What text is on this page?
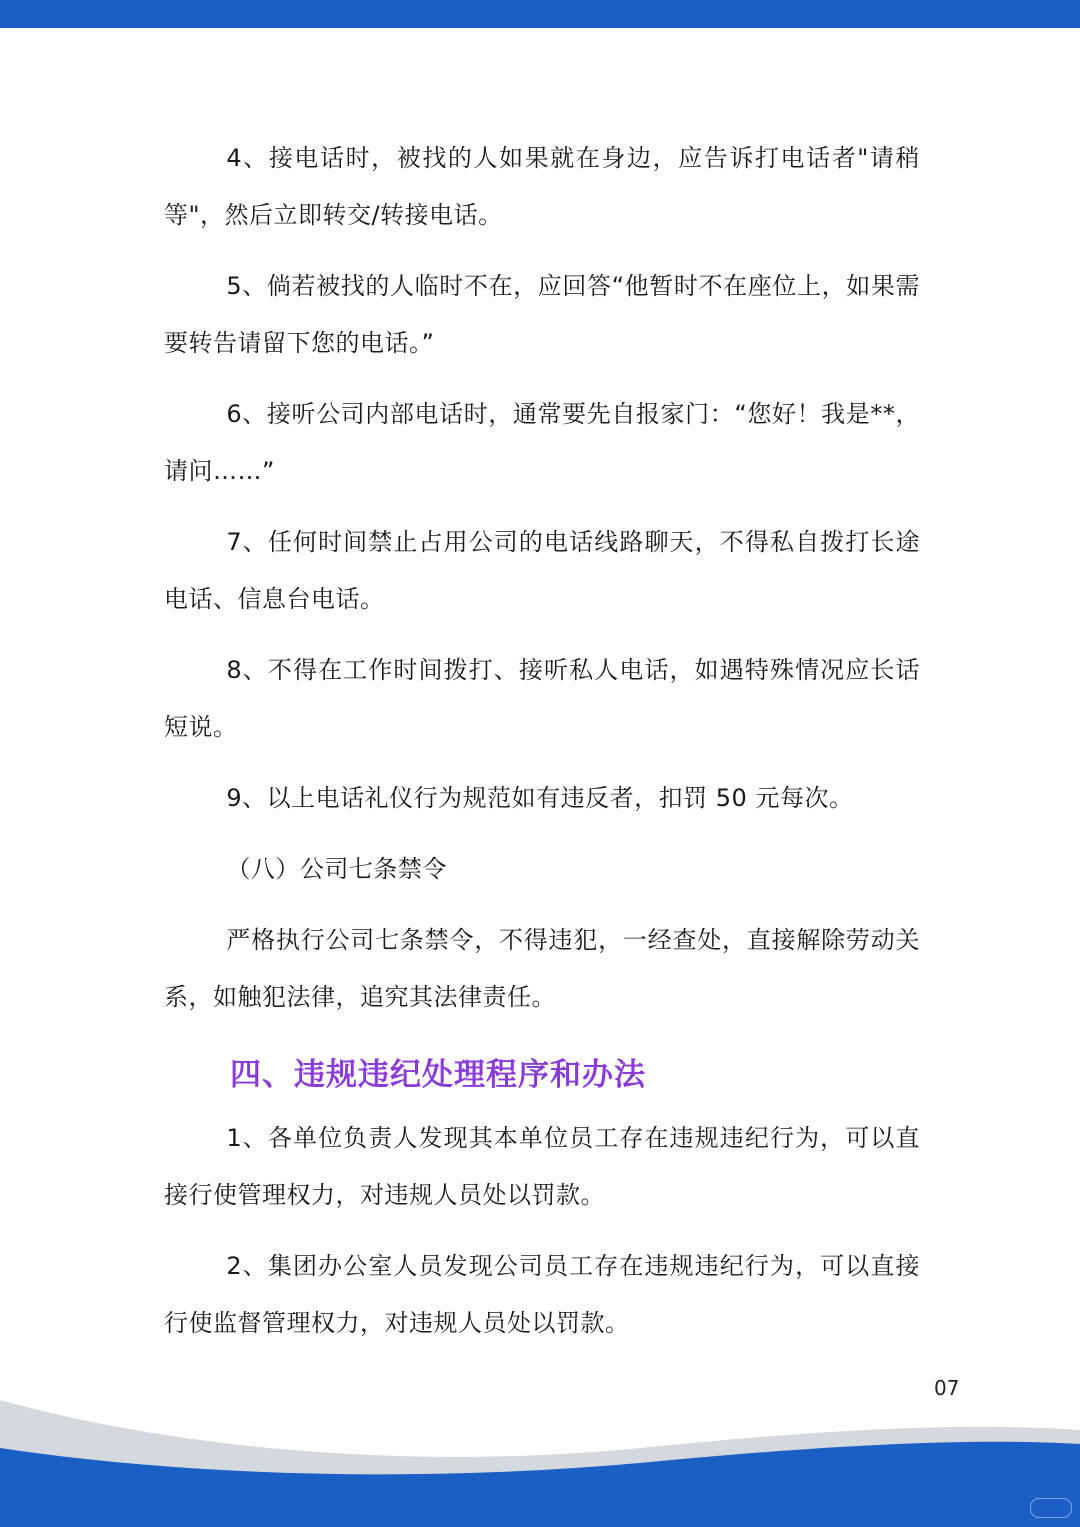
4、接电话时，被找的人如果就在身边，应告诉打电话者"请稍等"，然后立即转交/转接电话。

5、倘若被找的人临时不在，应回答“他暂时不在座位上，如果需要转告请留下您的电话。”

6、接听公司内部电话时，通常要先自报家门：“您好！我是**，请问……”

7、任何时间禁止占用公司的电话线路聊天，不得私自拨打长途电话、信息台电话。

8、不得在工作时间拨打、接听私人电话，如遇特殊情况应长话短说。

9、以上电话礼仪行为规范如有违反者，扣罚 50 元每次。

（八）公司七条禁令

严格执行公司七条禁令，不得违犯，一经查处，直接解除劳动关系，如触犯法律，追究其法律责任。

四、违规违纪处理程序和办法

1、各单位负责人发现其本单位员工存在违规违纪行为，可以直接行使管理权力，对违规人员处以罚款。

2、集团办公室人员发现公司员工存在违规违纪行为，可以直接行使监督管理权力，对违规人员处以罚款。

07
